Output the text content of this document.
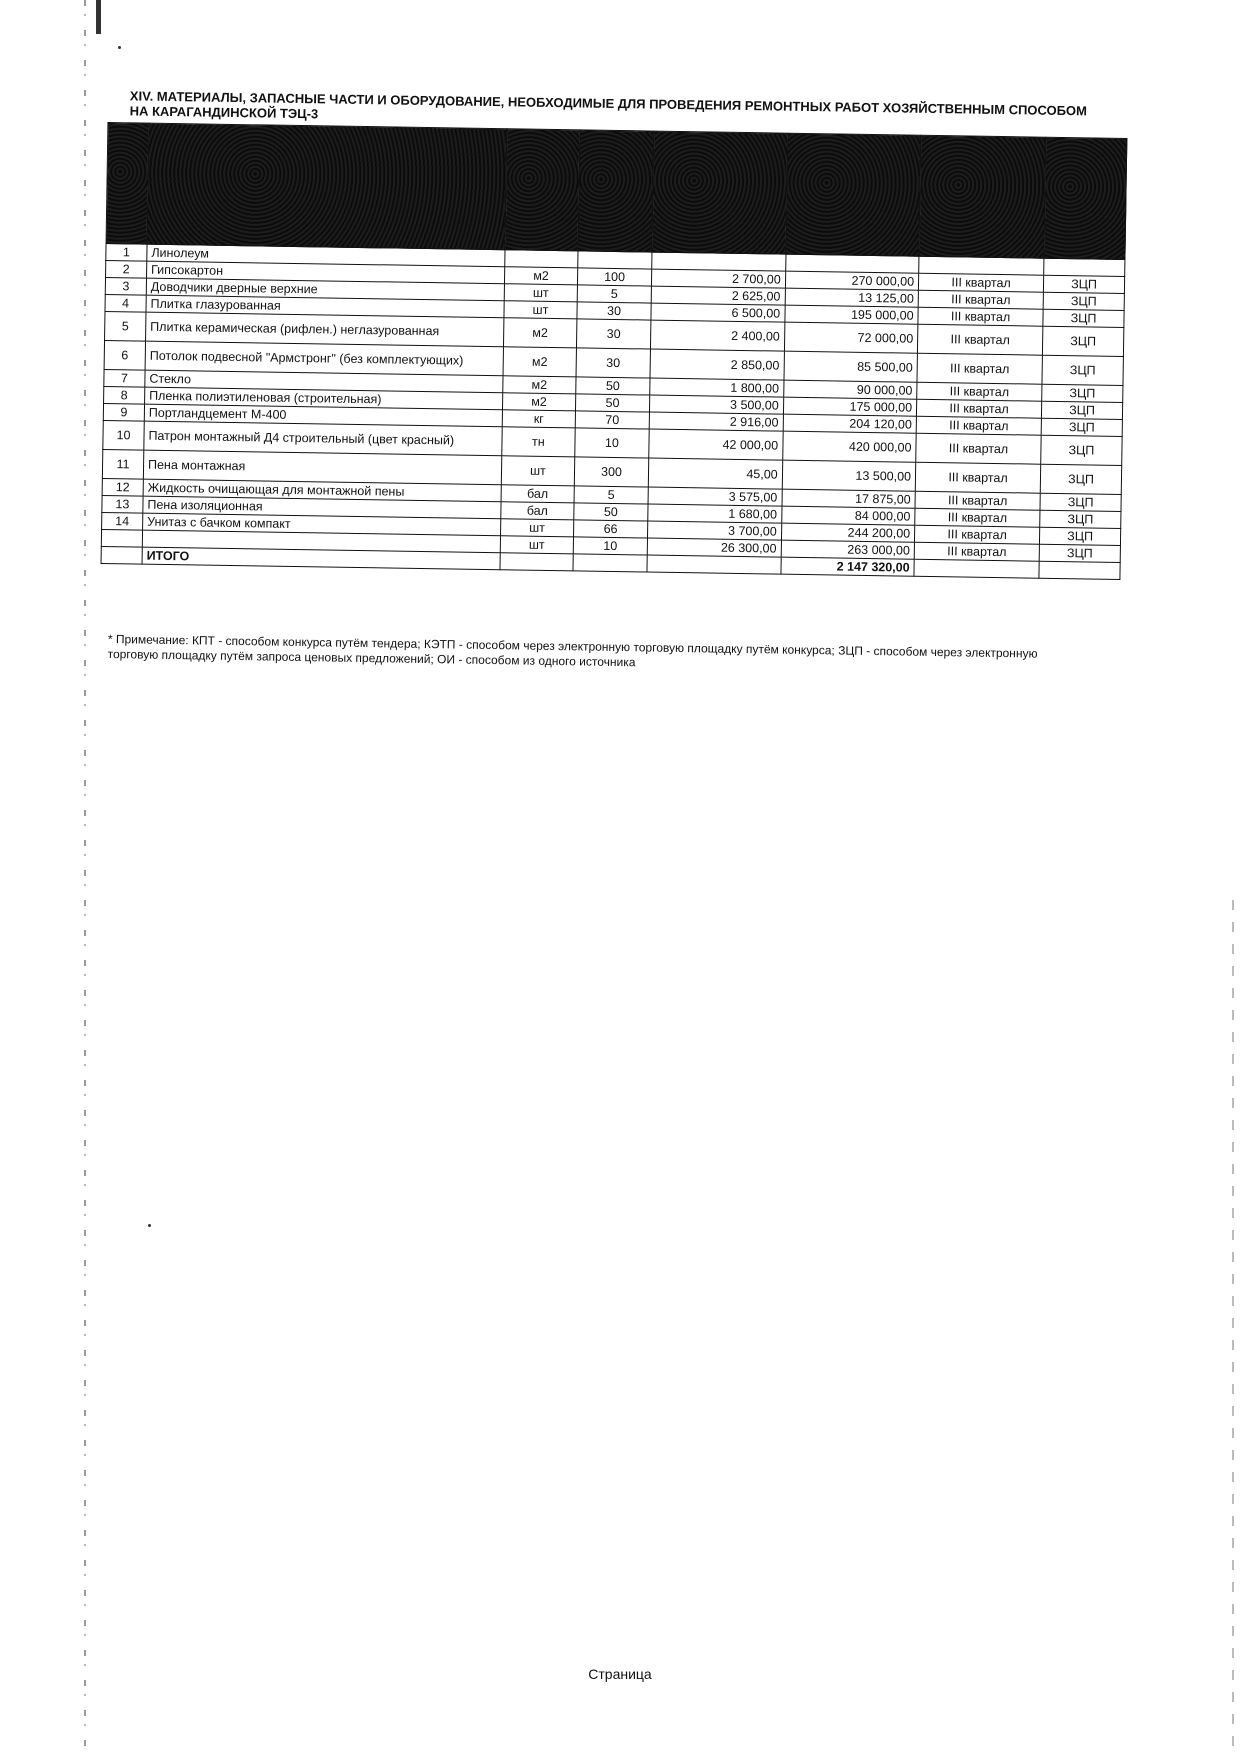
XIV. МАТЕРИАЛЫ, ЗАПАСНЫЕ ЧАСТИ И ОБОРУДОВАНИЕ, НЕОБХОДИМЫЕ ДЛЯ ПРОВЕДЕНИЯ РЕМОНТНЫХ РАБОТ ХОЗЯЙСТВЕННЫМ СПОСОБОМ НА КАРАГАНДИНСКОЙ ТЭЦ-3

1	Линолеум						
2	Гипсокартон	м2	100	2 700,00	270 000,00	III квартал	ЗЦП
3	Доводчики дверные верхние	шт	5	2 625,00	13 125,00	III квартал	ЗЦП
4	Плитка глазурованная	шт	30	6 500,00	195 000,00	III квартал	ЗЦП
5	Плитка керамическая (рифлен.) неглазурованная	м2	30	2 400,00	72 000,00	III квартал	ЗЦП
6	Потолок подвесной "Армстронг" (без комплектующих)	м2	30	2 850,00	85 500,00	III квартал	ЗЦП
7	Стекло	м2	50	1 800,00	90 000,00	III квартал	ЗЦП
8	Пленка полиэтиленовая (строительная)	м2	50	3 500,00	175 000,00	III квартал	ЗЦП
9	Портландцемент М-400	кг	70	2 916,00	204 120,00	III квартал	ЗЦП
10	Патрон монтажный Д4 строительный (цвет красный)	тн	10	42 000,00	420 000,00	III квартал	ЗЦП
11	Пена монтажная	шт	300	45,00	13 500,00	III квартал	ЗЦП
12	Жидкость очищающая для монтажной пены	бал	5	3 575,00	17 875,00	III квартал	ЗЦП
13	Пена изоляционная	бал	50	1 680,00	84 000,00	III квартал	ЗЦП
14	Унитаз с бачком компакт	шт	66	3 700,00	244 200,00	III квартал	ЗЦП
		шт	10	26 300,00	263 000,00	III квартал	ЗЦП
	ИТОГО				2 147 320,00		
* Примечание: КПТ - способом конкурса путём тендера; КЭТП - способом через электронную торговую площадку путём конкурса; ЗЦП - способом через электронную торговую площадку путём запроса ценовых предложений; ОИ - способом из одного источника
Страница
